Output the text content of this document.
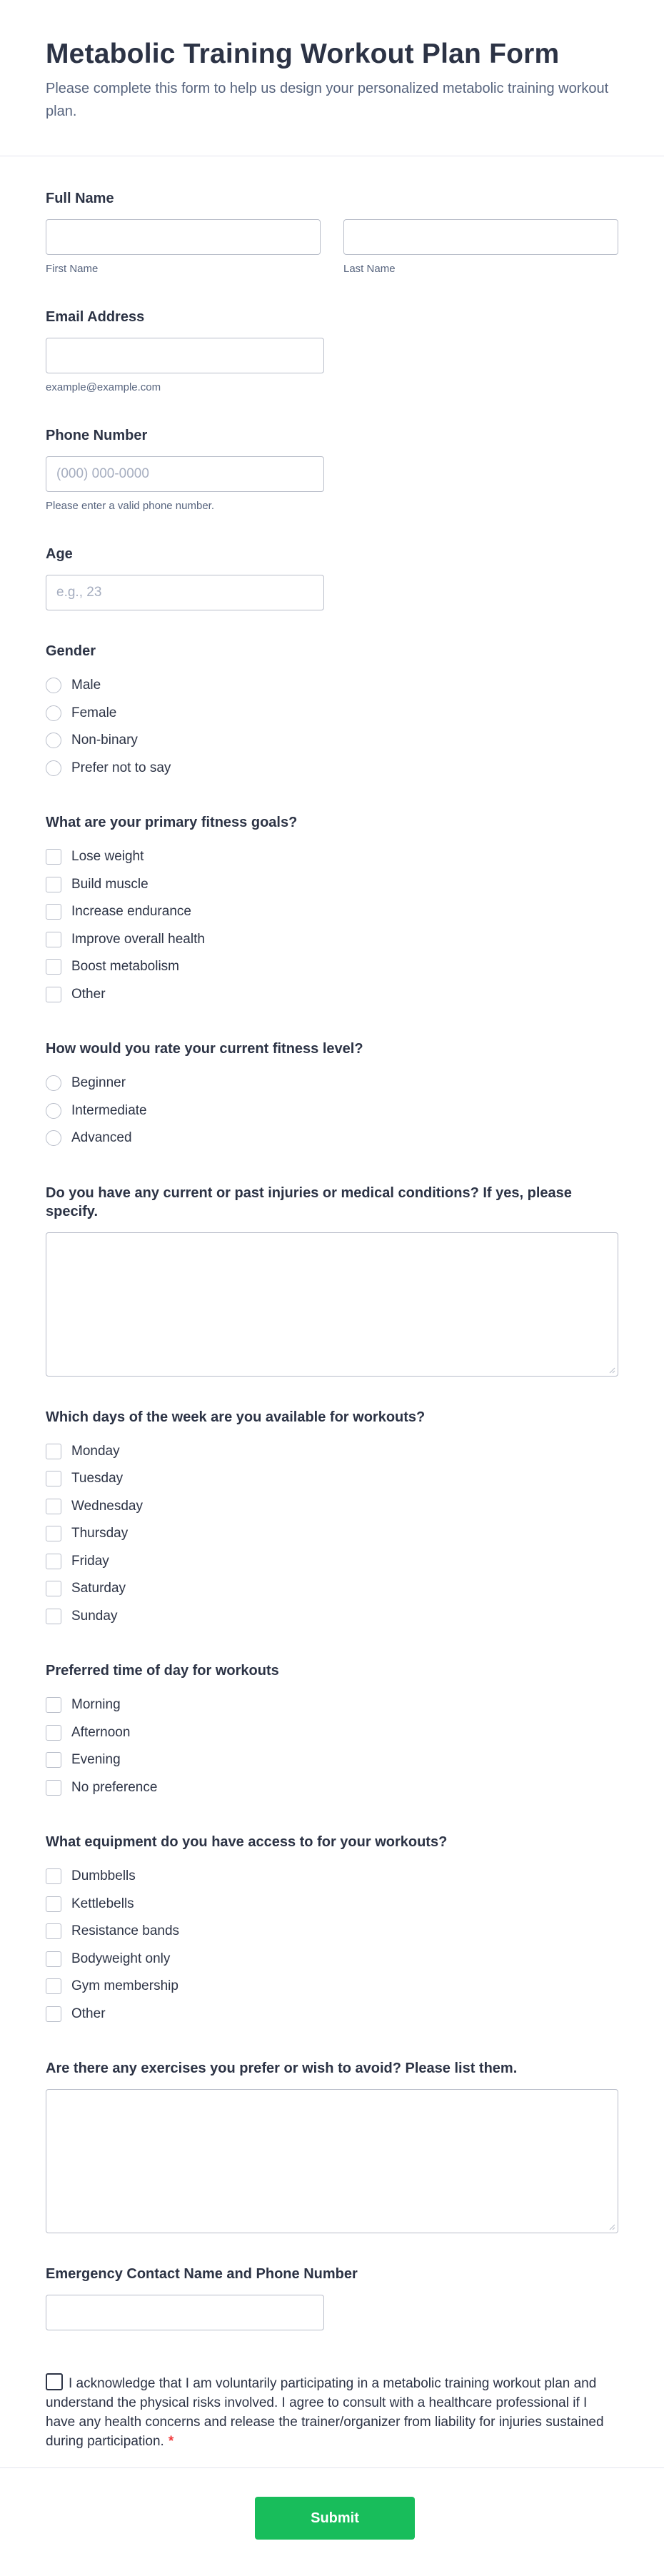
Metabolic Training Workout Plan Form

Please complete this form to help us design your personalized metabolic training workout plan.

Full Name
First Name	Last Name
Email Address
example@example.com
Phone Number
(000) 000-0000
Please enter a valid phone number.
Age
e.g., 23
Gender
Male
Female
Non-binary
Prefer not to say
What are your primary fitness goals?
Lose weight
Build muscle
Increase endurance
Improve overall health
Boost metabolism
Other
How would you rate your current fitness level?
Beginner
Intermediate
Advanced
Do you have any current or past injuries or medical conditions? If yes, please specify.
Which days of the week are you available for workouts?
Monday
Tuesday
Wednesday
Thursday
Friday
Saturday
Sunday
Preferred time of day for workouts
Morning
Afternoon
Evening
No preference
What equipment do you have access to for your workouts?
Dumbbells
Kettlebells
Resistance bands
Bodyweight only
Gym membership
Other
Are there any exercises you prefer or wish to avoid? Please list them.
Emergency Contact Name and Phone Number
I acknowledge that I am voluntarily participating in a metabolic training workout plan and understand the physical risks involved. I agree to consult with a healthcare professional if I have any health concerns and release the trainer/organizer from liability for injuries sustained during participation. *
Submit
